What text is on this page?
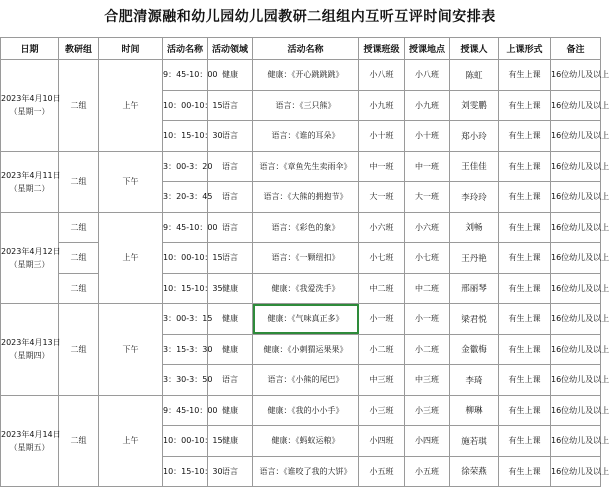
合肥清源融和幼儿园幼儿园教研二组组内互听互评时间安排表
日期	教研组	时间	活动名称	活动领域	活动名称	授课班级	授课地点	授课人	上课形式	备注

2023年4月10日
（星期一）	二组	上午	9：45-10：00	健康	健康：《开心跳跳跳》	小八班	小八班	陈虹	有生上课	16位幼儿及以上
			10：00-10：15	语言	语言：《三只熊》	小九班	小九班	刘雯鹏	有生上课	16位幼儿及以上
			10：15-10：30	语言	语言：《谁的耳朵》	小十班	小十班	郑小玲	有生上课	16位幼儿及以上

2023年4月11日
（星期二）	二组	下午	3：00-3：20	语言	语言：《章鱼先生卖雨伞》	中一班	中一班	王佳佳	有生上课	16位幼儿及以上
			3：20-3：45	语言	语言：《大熊的拥抱节》	大一班	大一班	李玲玲	有生上课	16位幼儿及以上

2023年4月12日
（星期三）	二组	上午	9：45-10：00	语言	语言：《彩色的象》	小六班	小六班	刘畅	有生上课	16位幼儿及以上
	二组		10：00-10：15	语言	语言：《一颗纽扣》	小七班	小七班	王丹艳	有生上课	16位幼儿及以上
	二组		10：15-10：35	健康	健康：《我爱洗手》	中二班	中二班	邢丽琴	有生上课	16位幼儿及以上

2023年4月13日
（星期四）	二组	下午	3：00-3：15	健康	健康：《气味真正多》	小一班	小一班	梁君悦	有生上课	16位幼儿及以上
			3：15-3：30	健康	健康：《小刺猬运果果》	小二班	小二班	金徽梅	有生上课	16位幼儿及以上
			3：30-3：50	语言	语言：《小熊的尾巴》	中三班	中三班	李琦	有生上课	16位幼儿及以上

2023年4月14日
（星期五）	二组	上午	9：45-10：00	健康	健康：《我的小小手》	小三班	小三班	柳琳	有生上课	16位幼儿及以上
			10：00-10：15	健康	健康：《蚂蚁运粮》	小四班	小四班	施若琪	有生上课	16位幼儿及以上
			10：15-10：30	语言	语言：《谁咬了我的大饼》	小五班	小五班	徐荣燕	有生上课	16位幼儿及以上
